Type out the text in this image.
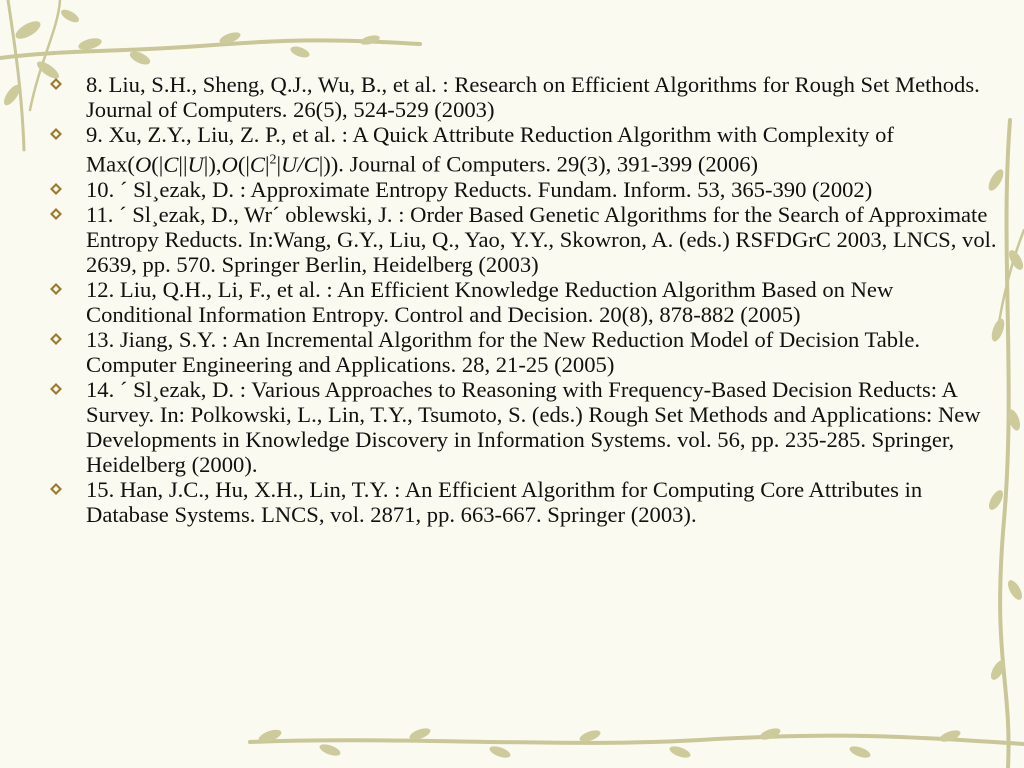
8. Liu, S.H., Sheng, Q.J., Wu, B., et al. : Research on Efficient Algorithms for Rough Set Methods. Journal of Computers. 26(5), 524-529 (2003)
9. Xu, Z.Y., Liu, Z. P., et al. : A Quick Attribute Reduction Algorithm with Complexity of $Max(O(|C||U|),O(|C|^2|U/C|))$. Journal of Computers. 29(3), 391-399 (2006)
10. ´ Sl¸ezak, D. : Approximate Entropy Reducts. Fundam. Inform. 53, 365-390 (2002)
11. ´ Sl¸ezak, D., Wr´ oblewski, J. : Order Based Genetic Algorithms for the Search of Approximate Entropy Reducts. In:Wang, G.Y., Liu, Q., Yao, Y.Y., Skowron, A. (eds.) RSFDGrC 2003, LNCS, vol. 2639, pp. 570. Springer Berlin, Heidelberg (2003)
12. Liu, Q.H., Li, F., et al. : An Efficient Knowledge Reduction Algorithm Based on New Conditional Information Entropy. Control and Decision. 20(8), 878-882 (2005)
13. Jiang, S.Y. : An Incremental Algorithm for the New Reduction Model of Decision Table. Computer Engineering and Applications. 28, 21-25 (2005)
14. ´ Sl¸ezak, D. : Various Approaches to Reasoning with Frequency-Based Decision Reducts: A Survey. In: Polkowski, L., Lin, T.Y., Tsumoto, S. (eds.) Rough Set Methods and Applications: New Developments in Knowledge Discovery in Information Systems. vol. 56, pp. 235-285. Springer, Heidelberg (2000).
15. Han, J.C., Hu, X.H., Lin, T.Y. : An Efficient Algorithm for Computing Core Attributes in Database Systems. LNCS, vol. 2871, pp. 663-667. Springer (2003).
